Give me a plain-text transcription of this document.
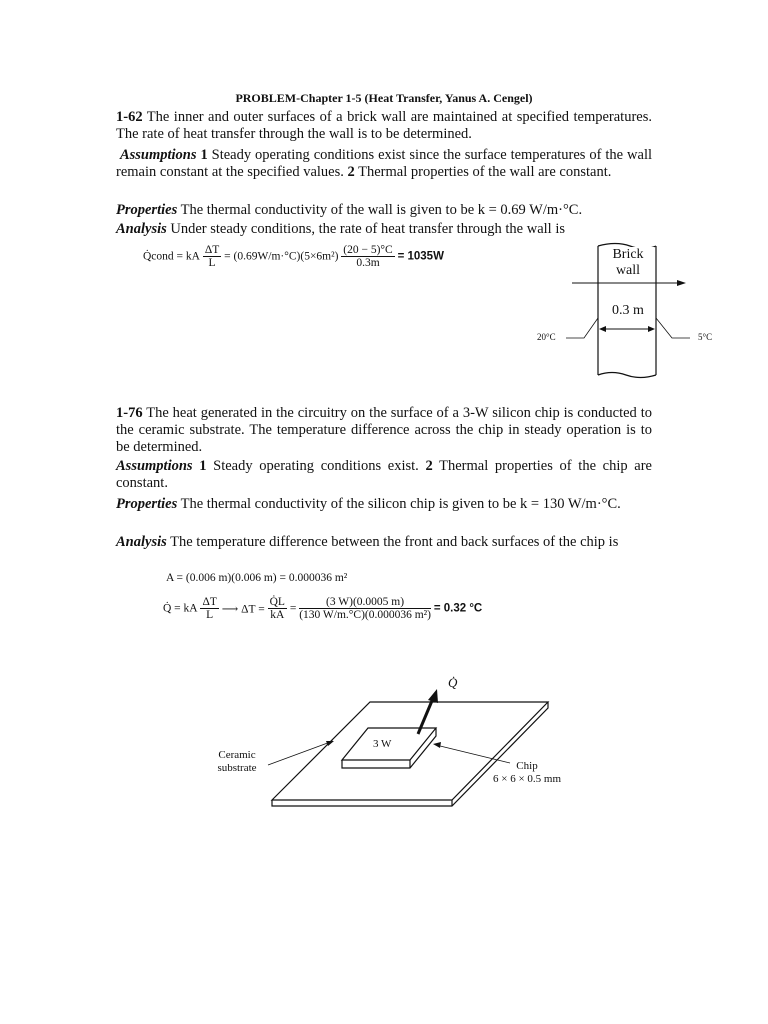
PROBLEM-Chapter 1-5 (Heat Transfer, Yanus A. Cengel)
1-62 The inner and outer surfaces of a brick wall are maintained at specified temperatures. The rate of heat transfer through the wall is to be determined.
Assumptions 1 Steady operating conditions exist since the surface temperatures of the wall remain constant at the specified values. 2 Thermal properties of the wall are constant.
Properties The thermal conductivity of the wall is given to be k = 0.69 W/m·°C.
Analysis Under steady conditions, the rate of heat transfer through the wall is
Q̇cond = kA $\frac{\Delta T}{L} = (0.69W/m\cdot^\circ C)(5\times 6m^2) \frac{(20 - 5)^\circ C}{0.3m} = 1035W$	Brick
wall
0.3 m
20°C	5°C
1-76 The heat generated in the circuitry on the surface of a 3-W silicon chip is conducted to the ceramic substrate. The temperature difference across the chip in steady operation is to be determined.
Assumptions 1 Steady operating conditions exist. 2 Thermal properties of the chip are constant.
Properties The thermal conductivity of the silicon chip is given to be k = 130 W/m·°C.
Analysis The temperature difference between the front and back surfaces of the chip is
A = (0.006 m)(0.006 m) = 0.000036 m²
Q̇ = kA $\frac{\Delta T}{L}$ ⟶ $\Delta T = \frac{Q̇L}{kA} = \frac{(3 W)(0.0005 m)}{\text{(130 W/m.°C)(0.000036 m²)}} = 0.32$ °C
Q̇
3 W
Ceramic
substrate	Chip
6 × 6 × 0.5 mm
